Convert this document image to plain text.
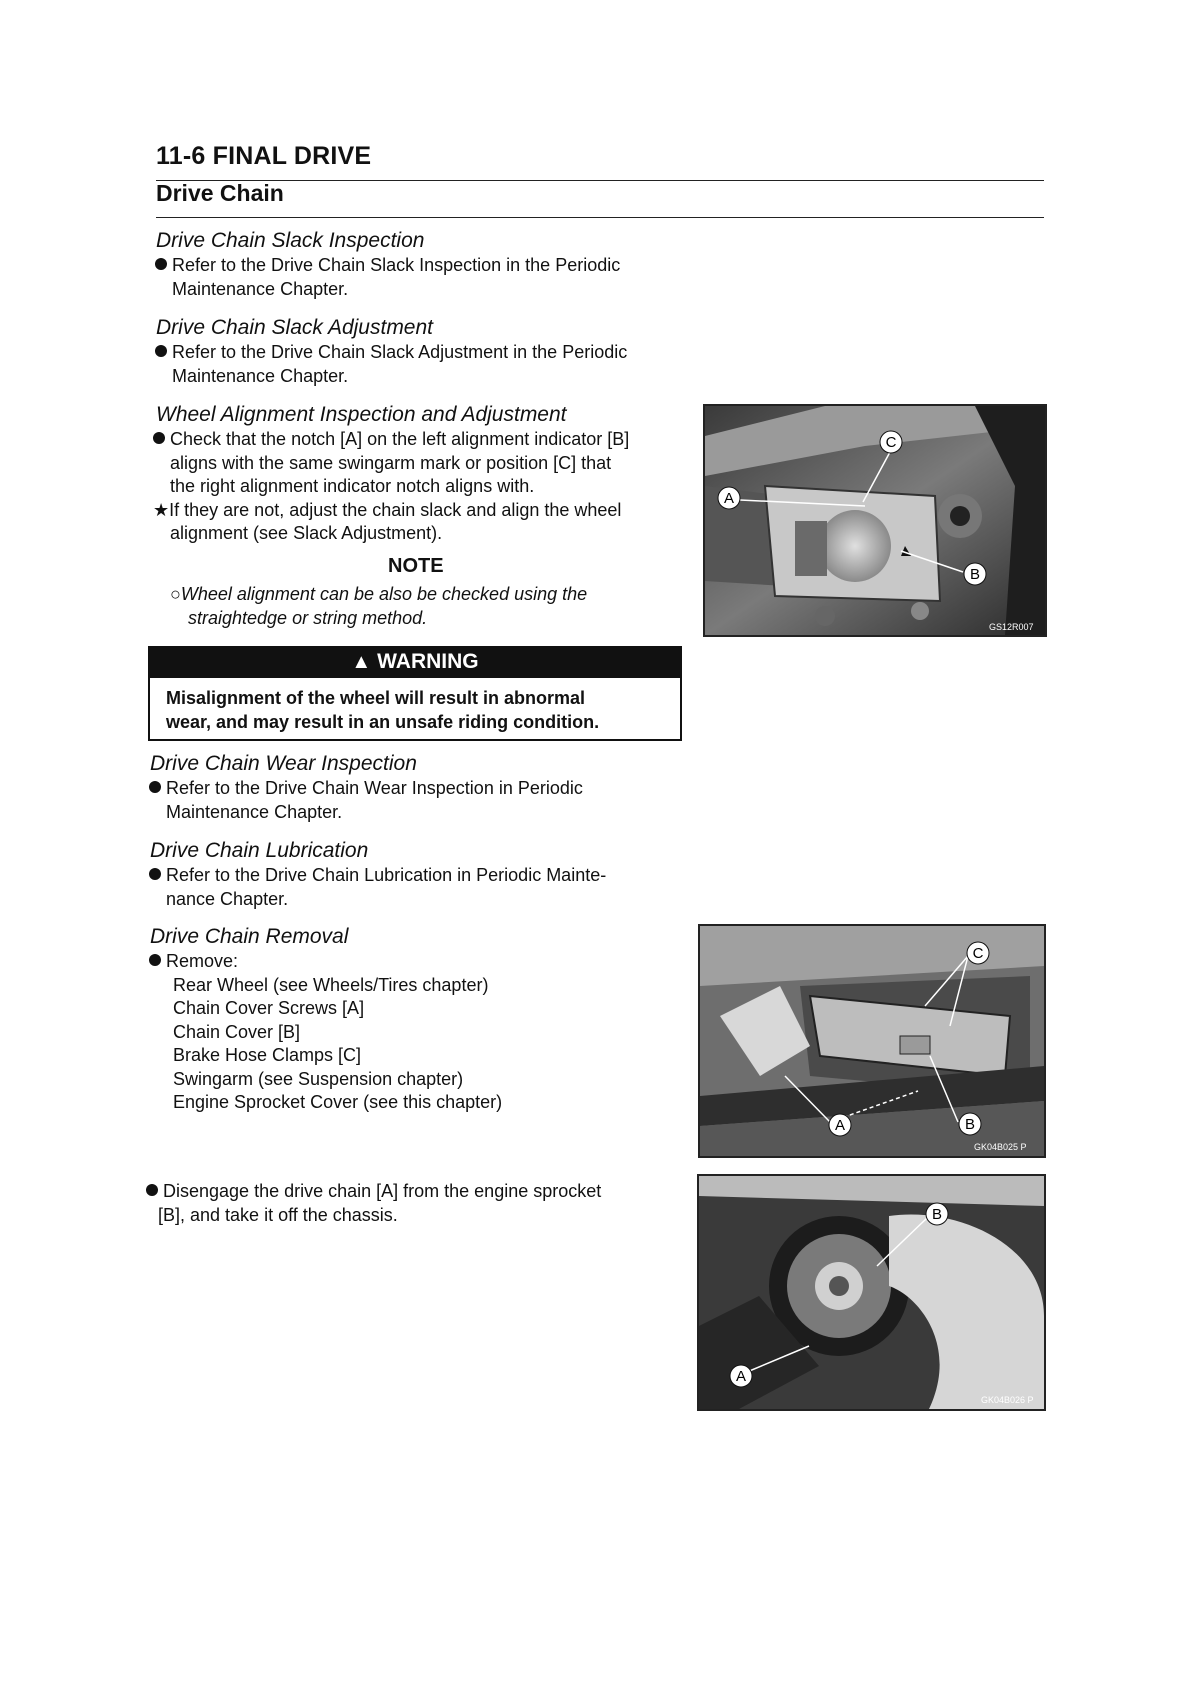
11-6 FINAL DRIVE
Drive Chain
Drive Chain Slack Inspection
Refer to the Drive Chain Slack Inspection in the Periodic
Maintenance Chapter.
Drive Chain Slack Adjustment
Refer to the Drive Chain Slack Adjustment in the Periodic
Maintenance Chapter.
Wheel Alignment Inspection and Adjustment
Check that the notch [A] on the left alignment indicator [B]
aligns with the same swingarm mark or position [C] that
the right alignment indicator notch aligns with.
★If they are not, adjust the chain slack and align the wheel
alignment (see Slack Adjustment).
NOTE
○Wheel alignment can be also be checked using the
straightedge or string method.
C
A
B
GS12R007
▲ WARNING
Misalignment of the wheel will result in abnormal
wear, and may result in an unsafe riding condition.
Drive Chain Wear Inspection
Refer to the Drive Chain Wear Inspection in Periodic
Maintenance Chapter.
Drive Chain Lubrication
Refer to the Drive Chain Lubrication in Periodic Mainte-
nance Chapter.
Drive Chain Removal
Remove:
Rear Wheel (see Wheels/Tires chapter)
Chain Cover Screws [A]
Chain Cover [B]
Brake Hose Clamps [C]
Swingarm (see Suspension chapter)
Engine Sprocket Cover (see this chapter)
Disengage the drive chain [A] from the engine sprocket
[B], and take it off the chassis.
C
A	B
GK04B025 P
B
A
GK04B026 P
